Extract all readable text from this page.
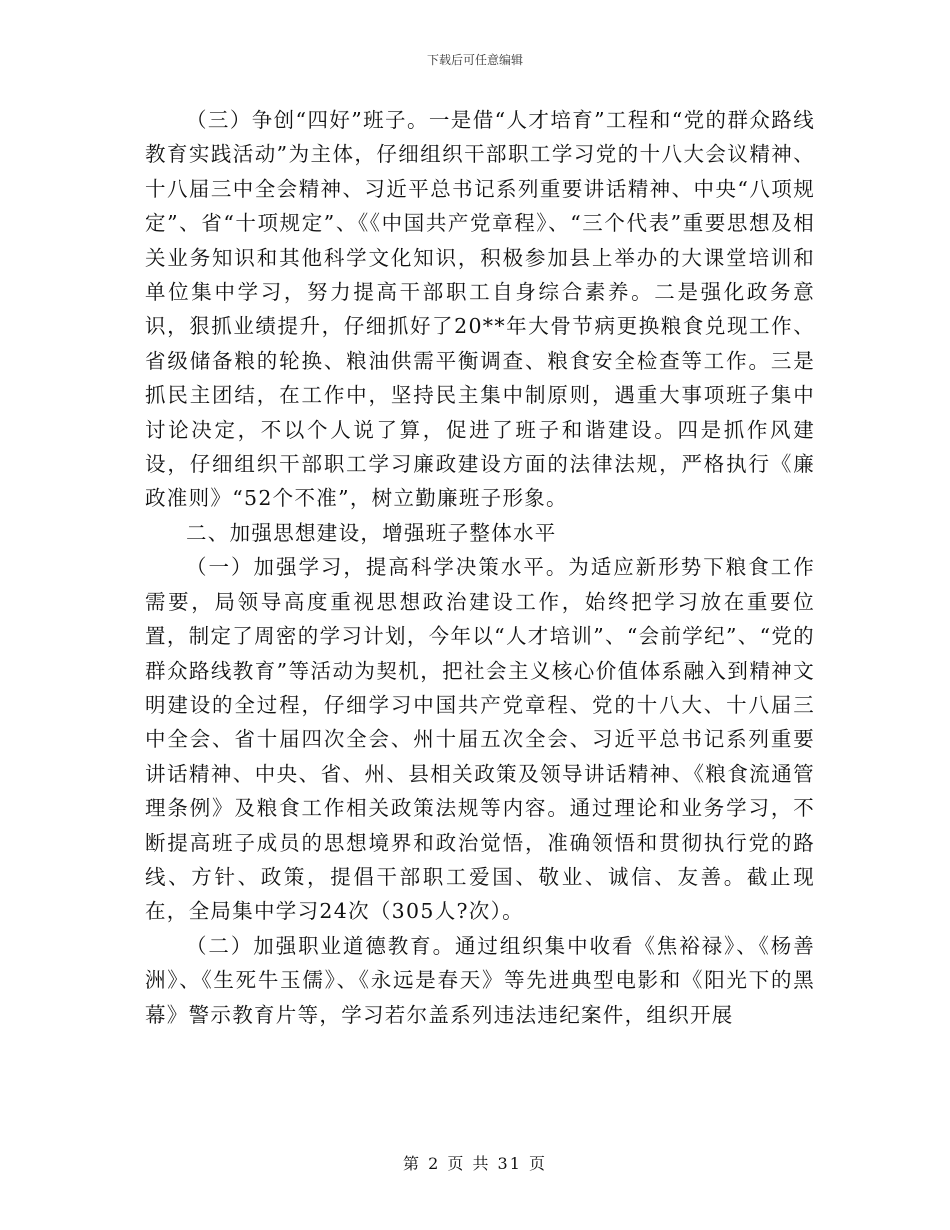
下载后可任意编辑

（三）争创“四好”班子。一是借“人才培育”工程和“党的群众路线教育实践活动”为主体，仔细组织干部职工学习党的十八大会议精神、十八届三中全会精神、习近平总书记系列重要讲话精神、中央“八项规定”、省“十项规定”、《《中国共产党章程》、“三个代表”重要思想及相关业务知识和其他科学文化知识，积极参加县上举办的大课堂培训和单位集中学习，努力提高干部职工自身综合素养。二是强化政务意识，狠抓业绩提升，仔细抓好了20**年大骨节病更换粮食兑现工作、省级储备粮的轮换、粮油供需平衡调查、粮食安全检查等工作。三是抓民主团结，在工作中，坚持民主集中制原则，遇重大事项班子集中讨论决定，不以个人说了算，促进了班子和谐建设。四是抓作风建设，仔细组织干部职工学习廉政建设方面的法律法规，严格执行《廉政准则》“52个不准”，树立勤廉班子形象。

二、加强思想建设，增强班子整体水平

（一）加强学习，提高科学决策水平。为适应新形势下粮食工作需要，局领导高度重视思想政治建设工作，始终把学习放在重要位置，制定了周密的学习计划，今年以“人才培训”、“会前学纪”、“党的群众路线教育”等活动为契机，把社会主义核心价值体系融入到精神文明建设的全过程，仔细学习中国共产党章程、党的十八大、十八届三中全会、省十届四次全会、州十届五次全会、习近平总书记系列重要讲话精神、中央、省、州、县相关政策及领导讲话精神、《粮食流通管理条例》及粮食工作相关政策法规等内容。通过理论和业务学习，不断提高班子成员的思想境界和政治觉悟，准确领悟和贯彻执行党的路线、方针、政策，提倡干部职工爱国、敬业、诚信、友善。截止现在，全局集中学习24次（305人?次）。

（二）加强职业道德教育。通过组织集中收看《焦裕禄》、《杨善洲》、《生死牛玉儒》、《永远是春天》等先进典型电影和《阳光下的黑幕》警示教育片等，学习若尔盖系列违法违纪案件，组织开展

第 2 页 共 31 页
